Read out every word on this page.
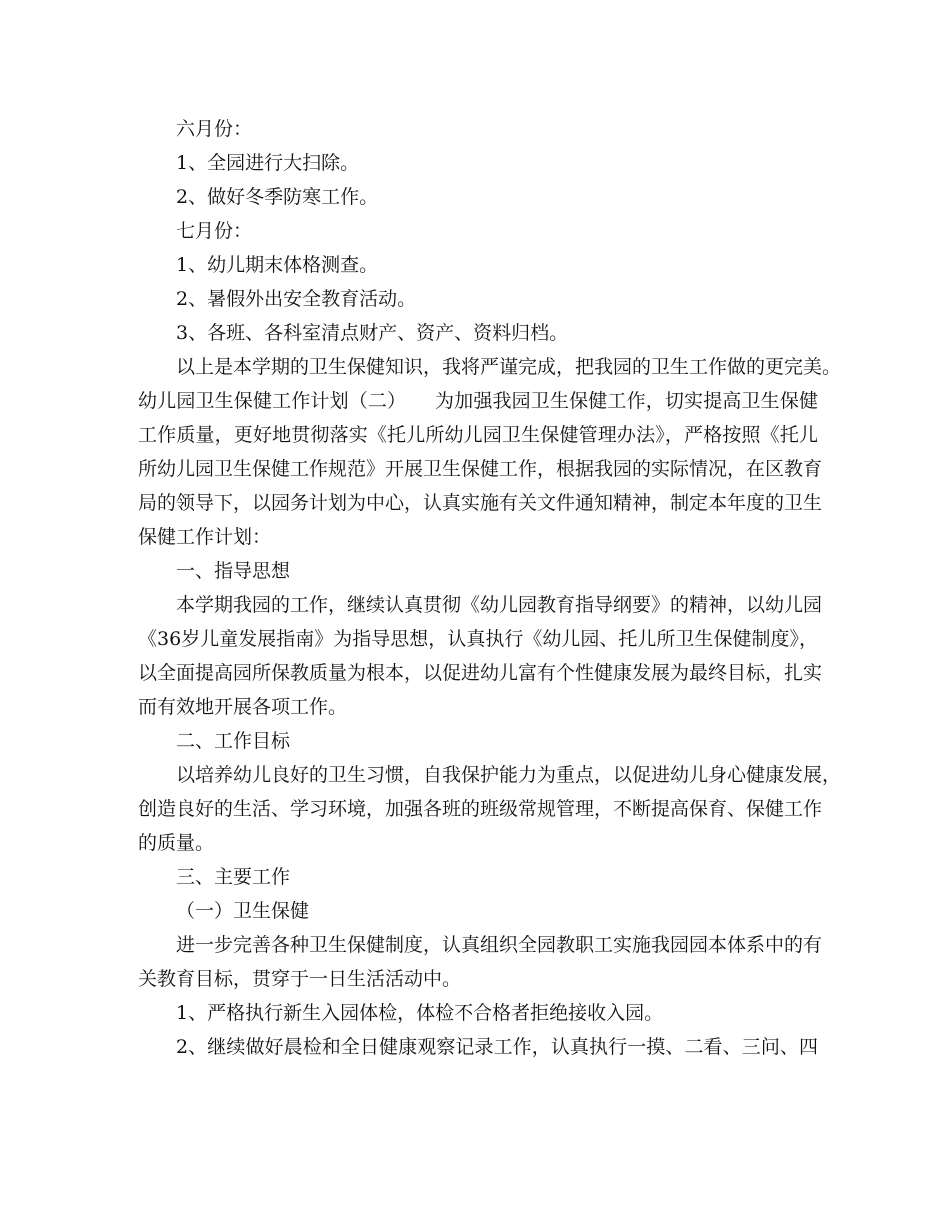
六月份：
1、全园进行大扫除。
2、做好冬季防寒工作。
七月份：
1、幼儿期末体格测查。
2、暑假外出安全教育活动。
3、各班、各科室清点财产、资产、资料归档。
以上是本学期的卫生保健知识，我将严谨完成，把我园的卫生工作做的更完美。
幼儿园卫生保健工作计划（二）　　为加强我园卫生保健工作，切实提高卫生保健
工作质量，更好地贯彻落实《托儿所幼儿园卫生保健管理办法》，严格按照《托儿
所幼儿园卫生保健工作规范》开展卫生保健工作，根据我园的实际情况，在区教育
局的领导下，以园务计划为中心，认真实施有关文件通知精神，制定本年度的卫生
保健工作计划：
一、指导思想
本学期我园的工作，继续认真贯彻《幼儿园教育指导纲要》的精神，以幼儿园
《36岁儿童发展指南》为指导思想，认真执行《幼儿园、托儿所卫生保健制度》，
以全面提高园所保教质量为根本，以促进幼儿富有个性健康发展为最终目标，扎实
而有效地开展各项工作。
二、工作目标
以培养幼儿良好的卫生习惯，自我保护能力为重点，以促进幼儿身心健康发展，
创造良好的生活、学习环境，加强各班的班级常规管理，不断提高保育、保健工作
的质量。
三、主要工作
（一）卫生保健
进一步完善各种卫生保健制度，认真组织全园教职工实施我园园本体系中的有
关教育目标，贯穿于一日生活活动中。
1、严格执行新生入园体检，体检不合格者拒绝接收入园。
2、继续做好晨检和全日健康观察记录工作，认真执行一摸、二看、三问、四
